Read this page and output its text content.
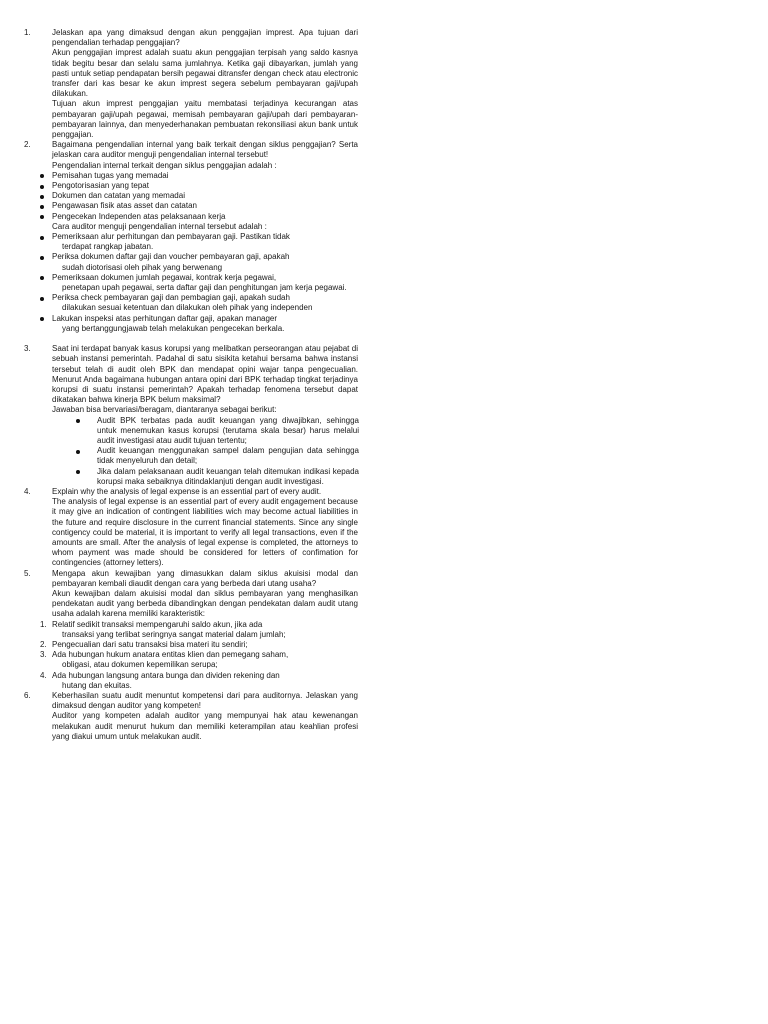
1.	Jelaskan apa yang dimaksud dengan akun penggajian imprest. Apa tujuan dari pengendalian terhadap penggajian?

Akun penggajian imprest adalah suatu akun penggajian terpisah yang saldo kasnya tidak begitu besar dan selalu sama jumlahnya. Ketika gaji dibayarkan, jumlah yang pasti untuk setiap pendapatan bersih pegawai ditransfer dengan check atau electronic transfer dari kas besar ke akun imprest segera sebelum pembayaran gaji/upah dilakukan.

Tujuan akun imprest penggajian yaitu membatasi terjadinya kecurangan atas pembayaran gaji/upah pegawai, memisah pembayaran gaji/upah dari pembayaran-pembayaran lainnya, dan menyederhanakan pembuatan rekonsiliasi akun bank untuk penggajian.

2.	Bagaimana pengendalian internal yang baik terkait dengan siklus penggajian? Serta jelaskan cara auditor menguji pengendalian internal tersebut!

Pengendalian internal terkait dengan siklus penggajian adalah :

Pemisahan tugas yang memadai
Pengotorisasian yang tepat
Dokumen dan catatan yang memadai
Pengawasan fisik atas asset dan catatan
Pengecekan Independen atas pelaksanaan kerja

Cara auditor menguji pengendalian internal tersebut adalah :

Pemeriksaan alur perhitungan dan pembayaran gaji. Pastikan tidak
terdapat rangkap jabatan.
Periksa dokumen daftar gaji dan voucher pembayaran gaji, apakah
sudah diotorisasi oleh pihak yang berwenang
Pemeriksaan dokumen jumlah pegawai, kontrak kerja pegawai,
penetapan upah pegawai, serta daftar gaji dan penghitungan jam kerja pegawai.
Periksa check pembayaran gaji dan pembagian gaji, apakah sudah
dilakukan sesuai ketentuan dan dilakukan oleh pihak yang independen
Lakukan inspeksi atas perhitungan daftar gaji, apakan manager
yang bertanggungjawab telah melakukan pengecekan berkala.
3.	Saat ini terdapat banyak kasus korupsi yang melibatkan perseorangan atau pejabat di sebuah instansi pemerintah. Padahal di satu sisikita ketahui bersama bahwa instansi tersebut telah di audit oleh BPK dan mendapat opini wajar tanpa pengecualian. Menurut Anda bagaimana hubungan antara opini dari BPK terhadap tingkat terjadinya korupsi di suatu instansi pemerintah? Apakah terhadap fenomena tersebut dapat dikatakan bahwa kinerja BPK belum maksimal?

Jawaban bisa bervariasi/beragam, diantaranya sebagai berikut:

Audit BPK terbatas pada audit keuangan yang diwajibkan, sehingga untuk menemukan kasus korupsi (terutama skala besar) harus melalui audit investigasi atau audit tujuan tertentu;
Audit keuangan menggunakan sampel dalam pengujian data sehingga tidak menyeluruh dan detail;
Jika dalam pelaksanaan audit keuangan telah ditemukan indikasi kepada korupsi maka sebaiknya ditindaklanjuti dengan audit investigasi.
4.	Explain why the analysis of legal expense is an essential part of every audit.

The analysis of legal expense is an essential part of every audit engagement because it may give an indication of contingent liabilities wich may become actual liabilities in the future and require disclosure in the current financial statements. Since any single contigency could be material, it is important to verify all legal transactions, even if the amounts are small. After the analysis of legal expense is completed, the attorneys to whom payment was made should be considered for letters of confimation for contingencies (attorney letters).

5.	Mengapa akun kewajiban yang dimasukkan dalam siklus akuisisi modal dan pembayaran kembali diaudit dengan cara yang berbeda dari utang usaha?

Akun kewajiban dalam akuisisi modal dan siklus pembayaran yang menghasilkan pendekatan audit yang berbeda dibandingkan dengan pendekatan dalam audit utang usaha adalah karena memiliki karakteristik:

1. Relatif sedikit transaksi mempengaruhi saldo akun, jika ada
transaksi yang terlibat seringnya sangat material dalam jumlah;
2. Pengecualian dari satu transaksi bisa materi itu sendiri;
3. Ada hubungan hukum anatara entitas klien dan pemegang saham,
obligasi, atau dokumen kepemilikan serupa;
4. Ada hubungan langsung antara bunga dan dividen rekening dan
hutang dan ekuitas.
6.	Keberhasilan suatu audit menuntut kompetensi dari para auditornya. Jelaskan yang dimaksud dengan auditor yang kompeten!

Auditor yang kompeten adalah auditor yang mempunyai hak atau kewenangan melakukan audit menurut hukum dan memiliki keterampilan atau keahlian profesi yang diakui umum untuk melakukan audit.
